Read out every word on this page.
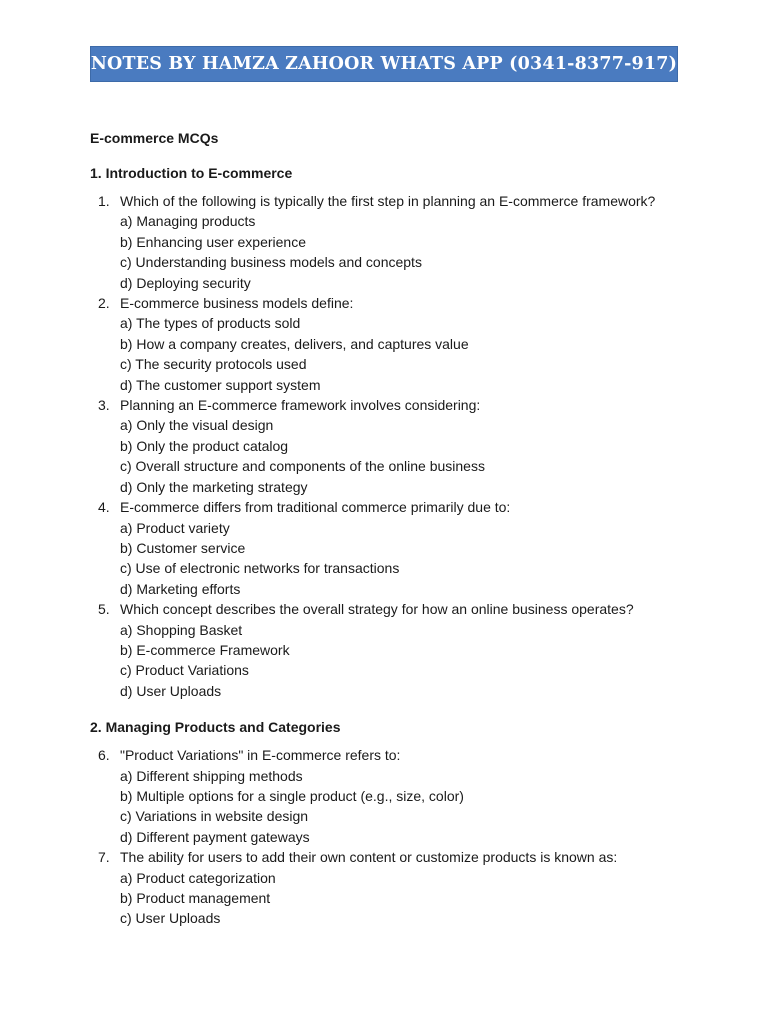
NOTES BY HAMZA ZAHOOR WHATS APP (0341-8377-917)
E-commerce MCQs
1. Introduction to E-commerce
1. Which of the following is typically the first step in planning an E-commerce framework?
a) Managing products
b) Enhancing user experience
c) Understanding business models and concepts
d) Deploying security
2. E-commerce business models define:
a) The types of products sold
b) How a company creates, delivers, and captures value
c) The security protocols used
d) The customer support system
3. Planning an E-commerce framework involves considering:
a) Only the visual design
b) Only the product catalog
c) Overall structure and components of the online business
d) Only the marketing strategy
4. E-commerce differs from traditional commerce primarily due to:
a) Product variety
b) Customer service
c) Use of electronic networks for transactions
d) Marketing efforts
5. Which concept describes the overall strategy for how an online business operates?
a) Shopping Basket
b) E-commerce Framework
c) Product Variations
d) User Uploads
2. Managing Products and Categories
6. "Product Variations" in E-commerce refers to:
a) Different shipping methods
b) Multiple options for a single product (e.g., size, color)
c) Variations in website design
d) Different payment gateways
7. The ability for users to add their own content or customize products is known as:
a) Product categorization
b) Product management
c) User Uploads
